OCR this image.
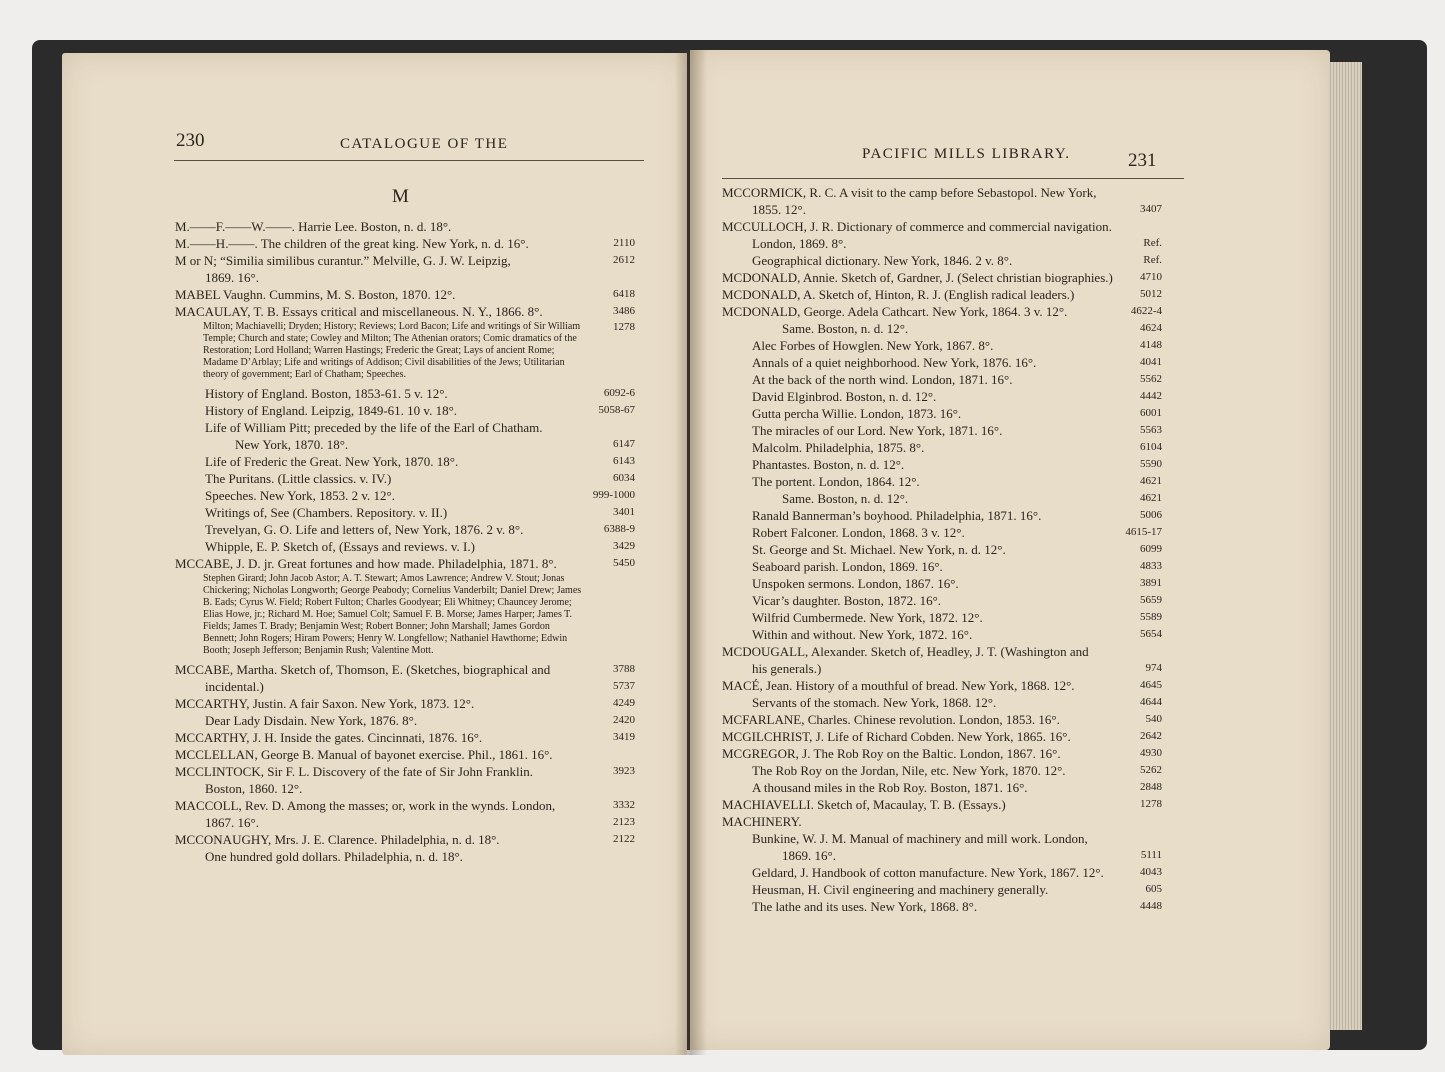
230	CATALOGUE OF THE
M
PACIFIC MILLS LIBRARY.	231
M.——F.——W.——. Harrie Lee. Boston, n. d. 18°.
M.——H.——. The children of the great king. New York, n. d. 16°.	2110
M or N; “Similia similibus curantur.” Melville, G. J. W. Leipzig,	2612
1869. 16°.
MABEL Vaughn. Cummins, M. S. Boston, 1870. 12°.	6418
MACAULAY, T. B. Essays critical and miscellaneous. N. Y., 1866. 8°.	3486
Milton; Machiavelli; Dryden; History; Reviews; Lord Bacon; Life and writings of Sir William Temple; Church and state; Cowley and Milton; The Athenian orators; Comic dramatics of the Restoration; Lord Holland; Warren Hastings; Frederic the Great; Lays of ancient Rome; Madame D’Arblay; Life and writings of Addison; Civil disabilities of the Jews; Utilitarian theory of government; Earl of Chatham; Speeches.
1278
History of England. Boston, 1853-61. 5 v. 12°.	6092-6
History of England. Leipzig, 1849-61. 10 v. 18°.	5058-67
Life of William Pitt; preceded by the life of the Earl of Chatham.
New York, 1870. 18°.	6147
Life of Frederic the Great. New York, 1870. 18°.	6143
The Puritans. (Little classics. v. IV.)	6034
Speeches. New York, 1853. 2 v. 12°.	999-1000
Writings of, See (Chambers. Repository. v. II.)	3401
Trevelyan, G. O. Life and letters of, New York, 1876. 2 v. 8°.	6388-9
Whipple, E. P. Sketch of, (Essays and reviews. v. I.)	3429
MCCABE, J. D. jr. Great fortunes and how made. Philadelphia, 1871. 8°.	5450
Stephen Girard; John Jacob Astor; A. T. Stewart; Amos Lawrence; Andrew V. Stout; Jonas Chickering; Nicholas Longworth; George Peabody; Cornelius Vanderbilt; Daniel Drew; James B. Eads; Cyrus W. Field; Robert Fulton; Charles Goodyear; Eli Whitney; Chauncey Jerome; Elias Howe, jr.; Richard M. Hoe; Samuel Colt; Samuel F. B. Morse; James Harper; James T. Fields; James T. Brady; Benjamin West; Robert Bonner; John Marshall; James Gordon Bennett; John Rogers; Hiram Powers; Henry W. Longfellow; Nathaniel Hawthorne; Edwin Booth; Joseph Jefferson; Benjamin Rush; Valentine Mott.
MCCABE, Martha. Sketch of, Thomson, E. (Sketches, biographical and	3788
incidental.)	5737
MCCARTHY, Justin. A fair Saxon. New York, 1873. 12°.	4249
Dear Lady Disdain. New York, 1876. 8°.	2420
MCCARTHY, J. H. Inside the gates. Cincinnati, 1876. 16°.	3419
MCCLELLAN, George B. Manual of bayonet exercise. Phil., 1861. 16°.
MCCLINTOCK, Sir F. L. Discovery of the fate of Sir John Franklin.	3923
Boston, 1860. 12°.
MACCOLL, Rev. D. Among the masses; or, work in the wynds. London,	3332
1867. 16°.	2123
MCCONAUGHY, Mrs. J. E. Clarence. Philadelphia, n. d. 18°.	2122
One hundred gold dollars. Philadelphia, n. d. 18°.
MCCORMICK, R. C. A visit to the camp before Sebastopol. New York,
1855. 12°.	3407
MCCULLOCH, J. R. Dictionary of commerce and commercial navigation.
London, 1869. 8°.	Ref.
Geographical dictionary. New York, 1846. 2 v. 8°.	Ref.
MCDONALD, Annie. Sketch of, Gardner, J. (Select christian biographies.) 4710
MCDONALD, A. Sketch of, Hinton, R. J. (English radical leaders.)	5012
MCDONALD, George. Adela Cathcart. New York, 1864. 3 v. 12°.	4622-4
Same. Boston, n. d. 12°.	4624
Alec Forbes of Howglen. New York, 1867. 8°.	4148
Annals of a quiet neighborhood. New York, 1876. 16°.	4041
At the back of the north wind. London, 1871. 16°.	5562
David Elginbrod. Boston, n. d. 12°.	4442
Gutta percha Willie. London, 1873. 16°.	6001
The miracles of our Lord. New York, 1871. 16°.	5563
Malcolm. Philadelphia, 1875. 8°.	6104
Phantastes. Boston, n. d. 12°.	5590
The portent. London, 1864. 12°.	4621
Same. Boston, n. d. 12°.	4621
Ranald Bannerman’s boyhood. Philadelphia, 1871. 16°.	5006
Robert Falconer. London, 1868. 3 v. 12°.	4615-17
St. George and St. Michael. New York, n. d. 12°.	6099
Seaboard parish. London, 1869. 16°.	4833
Unspoken sermons. London, 1867. 16°.	3891
Vicar’s daughter. Boston, 1872. 16°.	5659
Wilfrid Cumbermede. New York, 1872. 12°.	5589
Within and without. New York, 1872. 16°.	5654
MCDOUGALL, Alexander. Sketch of, Headley, J. T. (Washington and
his generals.)	974
MACÉ, Jean. History of a mouthful of bread. New York, 1868. 12°.	4645
Servants of the stomach. New York, 1868. 12°.	4644
MCFARLANE, Charles. Chinese revolution. London, 1853. 16°.	540
MCGILCHRIST, J. Life of Richard Cobden. New York, 1865. 16°.	2642
MCGREGOR, J. The Rob Roy on the Baltic. London, 1867. 16°.	4930
The Rob Roy on the Jordan, Nile, etc. New York, 1870. 12°.	5262
A thousand miles in the Rob Roy. Boston, 1871. 16°.	2848
MACHIAVELLI. Sketch of, Macaulay, T. B. (Essays.)	1278
MACHINERY.
Bunkine, W. J. M. Manual of machinery and mill work. London,
1869. 16°.	5111
Geldard, J. Handbook of cotton manufacture. New York, 1867. 12°.	4043
Heusman, H. Civil engineering and machinery generally.	605
The lathe and its uses. New York, 1868. 8°.	4448
